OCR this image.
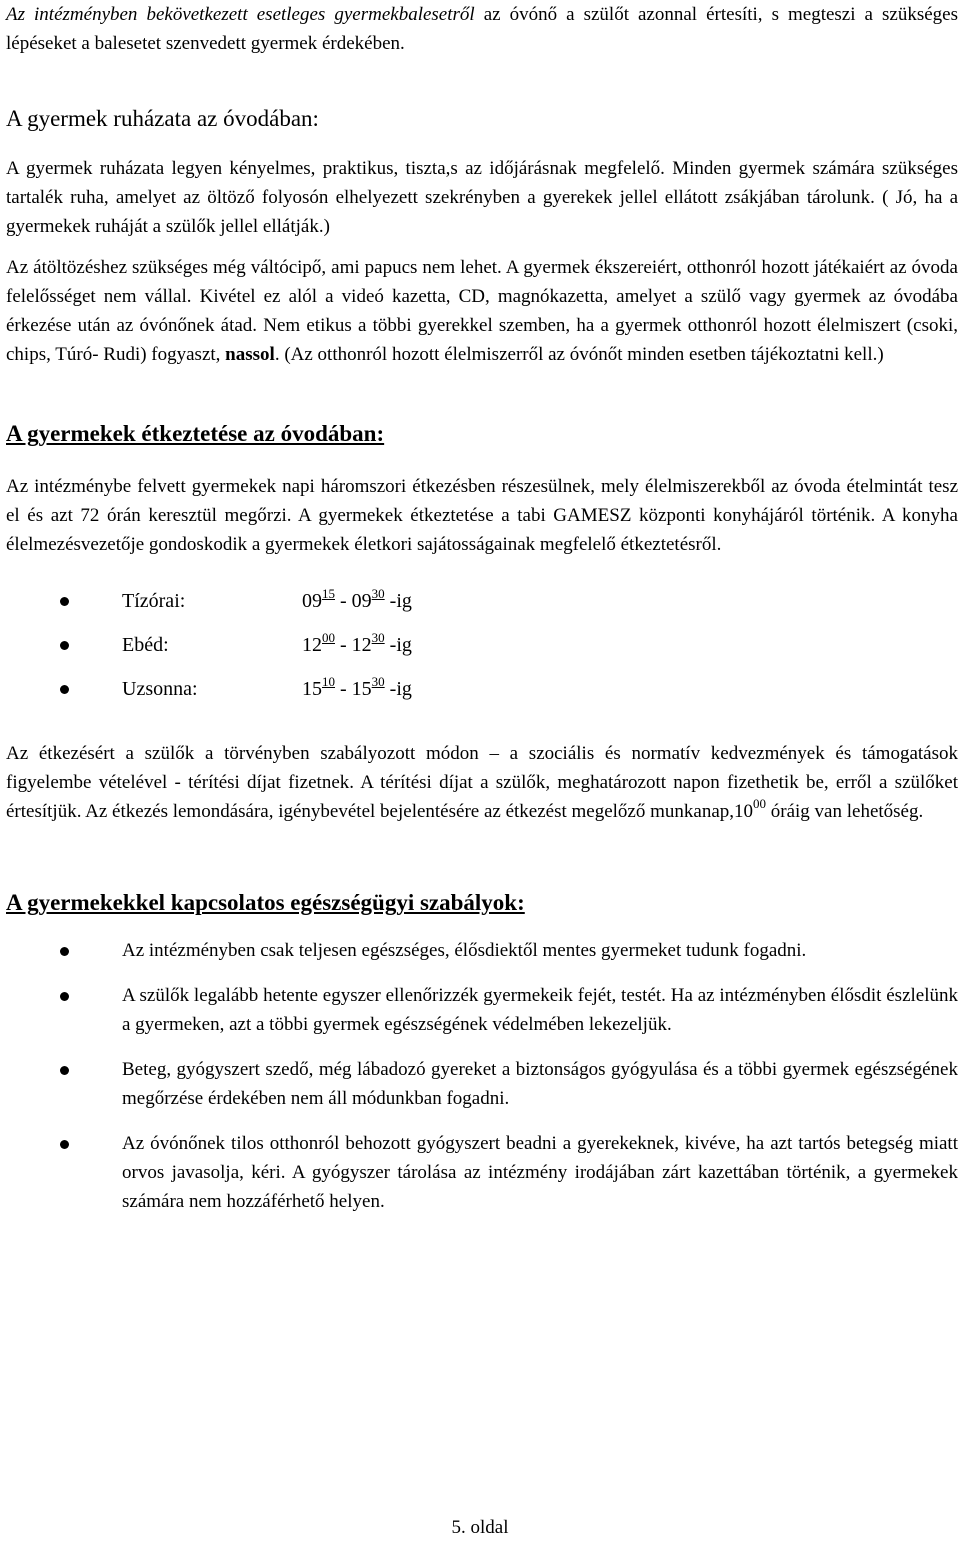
Az intézményben bekövetkezett esetleges gyermekbalesetről az óvónő a szülőt azonnal értesíti, s megteszi a szükséges lépéseket a balesetet szenvedett gyermek érdekében.

A gyermek ruházata az óvodában:

A gyermek ruházata legyen kényelmes, praktikus, tiszta,s az időjárásnak megfelelő. Minden gyermek számára szükséges tartalék ruha, amelyet az öltöző folyosón elhelyezett szekrényben a gyerekek jellel ellátott zsákjában tárolunk. ( Jó, ha a gyermekek ruháját a szülők jellel ellátják.)

Az átöltözéshez szükséges még váltócipő, ami papucs nem lehet. A gyermek ékszereiért, otthonról hozott játékaiért az óvoda felelősséget nem vállal. Kivétel ez alól a videó kazetta, CD, magnókazetta, amelyet a szülő vagy gyermek az óvodába érkezése után az óvónőnek átad. Nem etikus a többi gyerekkel szemben, ha a gyermek otthonról hozott élelmiszert (csoki, chips, Túró- Rudi) fogyaszt, nassol. (Az otthonról hozott élelmiszerről az óvónőt minden esetben tájékoztatni kell.)

A gyermekek étkeztetése az óvodában:

Az intézménybe felvett gyermekek napi háromszori étkezésben részesülnek, mely élelmiszerekből az óvoda ételmintát tesz el és azt 72 órán keresztül megőrzi. A gyermekek étkeztetése a tabi GAMESZ központi konyhájáról történik. A konyha élelmezésvezetője gondoskodik a gyermekek életkori sajátosságainak megfelelő étkeztetésről.

Tízórai:	$09^{15} - 09^{30}$ -ig
Ebéd:	$12^{00} - 12^{30}$ -ig
Uzsonna:	$15^{10} - 15^{30}$ -ig

Az étkezésért a szülők a törvényben szabályozott módon – a szociális és normatív kedvezmények és támogatások figyelembe vételével - térítési díjat fizetnek. A térítési díjat a szülők, meghatározott napon fizethetik be, erről a szülőket értesítjük. Az étkezés lemondására, igénybevétel bejelentésére az étkezést megelőző $munkanap,10^{00}$ óráig van lehetőség.

A gyermekekkel kapcsolatos egészségügyi szabályok:

Az intézményben csak teljesen egészséges, élősdiektől mentes gyermeket tudunk fogadni.

A szülők legalább hetente egyszer ellenőrizzék gyermekeik fejét, testét. Ha az intézményben élősdit észlelünk a gyermeken, azt a többi gyermek egészségének védelmében lekezeljük.

Beteg, gyógyszert szedő, még lábadozó gyereket a biztonságos gyógyulása és a többi gyermek egészségének megőrzése érdekében nem áll módunkban fogadni.

Az óvónőnek tilos otthonról behozott gyógyszert beadni a gyerekeknek, kivéve, ha azt tartós betegség miatt orvos javasolja, kéri. A gyógyszer tárolása az intézmény irodájában zárt kazettában történik, a gyermekek számára nem hozzáférhető helyen.

5. oldal
